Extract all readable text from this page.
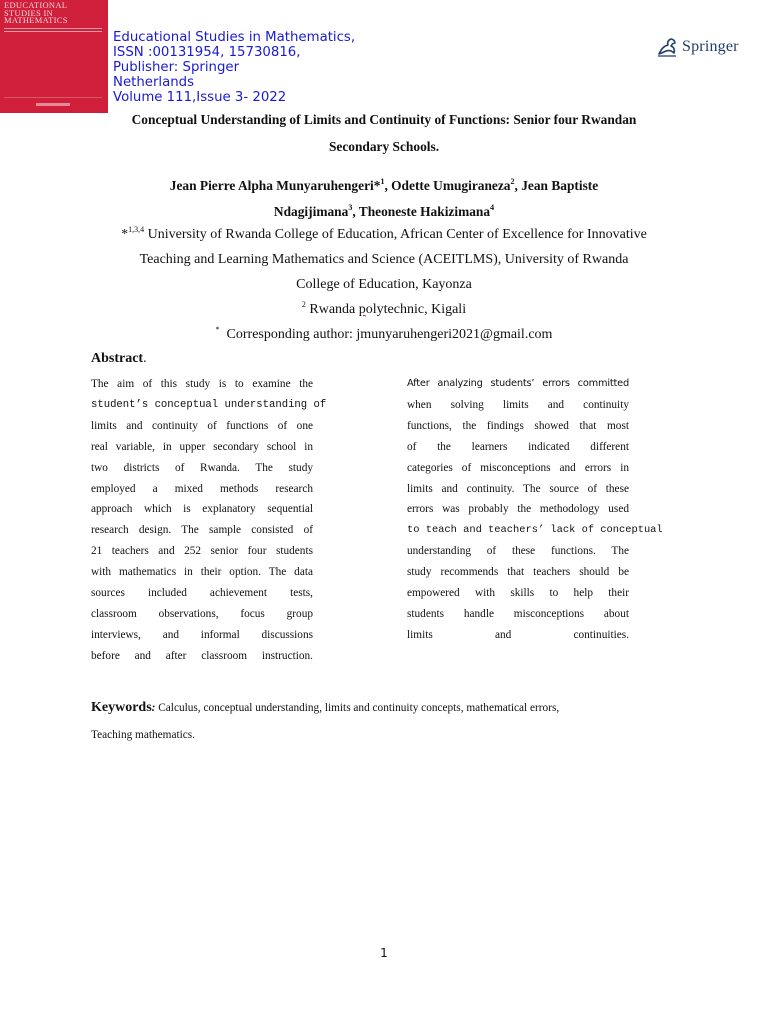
EDUCATIONAL STUDIES IN MATHEMATICS
Educational Studies in Mathematics,
ISSN :00131954, 15730816,
Publisher: Springer
Netherlands
Volume 111,Issue 3- 2022
Springer
Conceptual Understanding of Limits and Continuity of Functions: Senior four Rwandan
Secondary Schools.
Jean Pierre Alpha Munyaruhengeri*$^1$, Odette Umugiraneza$^2$, Jean Baptiste
Ndagijimana$^3$, Theoneste Hakizimana$^4$
*$^{1,3,4}$ University of Rwanda College of Education, African Center of Excellence for Innovative
Teaching and Learning Mathematics and Science (ACEITLMS), University of Rwanda
College of Education, Kayonza
$^2$ Rwanda polytechnic, Kigali
* Corresponding author: jmunyaruhengeri2021@gmail.com
Abstract.
The aim of this study is to examine the
student’s conceptual understanding of
limits and continuity of functions of one
real variable, in upper secondary school in
two districts of Rwanda. The study
employed a mixed methods research
approach which is explanatory sequential
research design. The sample consisted of
21 teachers and 252 senior four students
with mathematics in their option. The data
sources included achievement tests,
classroom observations, focus group
interviews, and informal discussions
before and after classroom instruction.
After analyzing students’ errors committed
when solving limits and continuity
functions, the findings showed that most
of the learners indicated different
categories of misconceptions and errors in
limits and continuity. The source of these
errors was probably the methodology used
to teach and teachers’ lack of conceptual
understanding of these functions. The
study recommends that teachers should be
empowered with skills to help their
students handle misconceptions about
limits and continuities.
Keywords: Calculus, conceptual understanding, limits and continuity concepts, mathematical errors,
Teaching mathematics.
1
